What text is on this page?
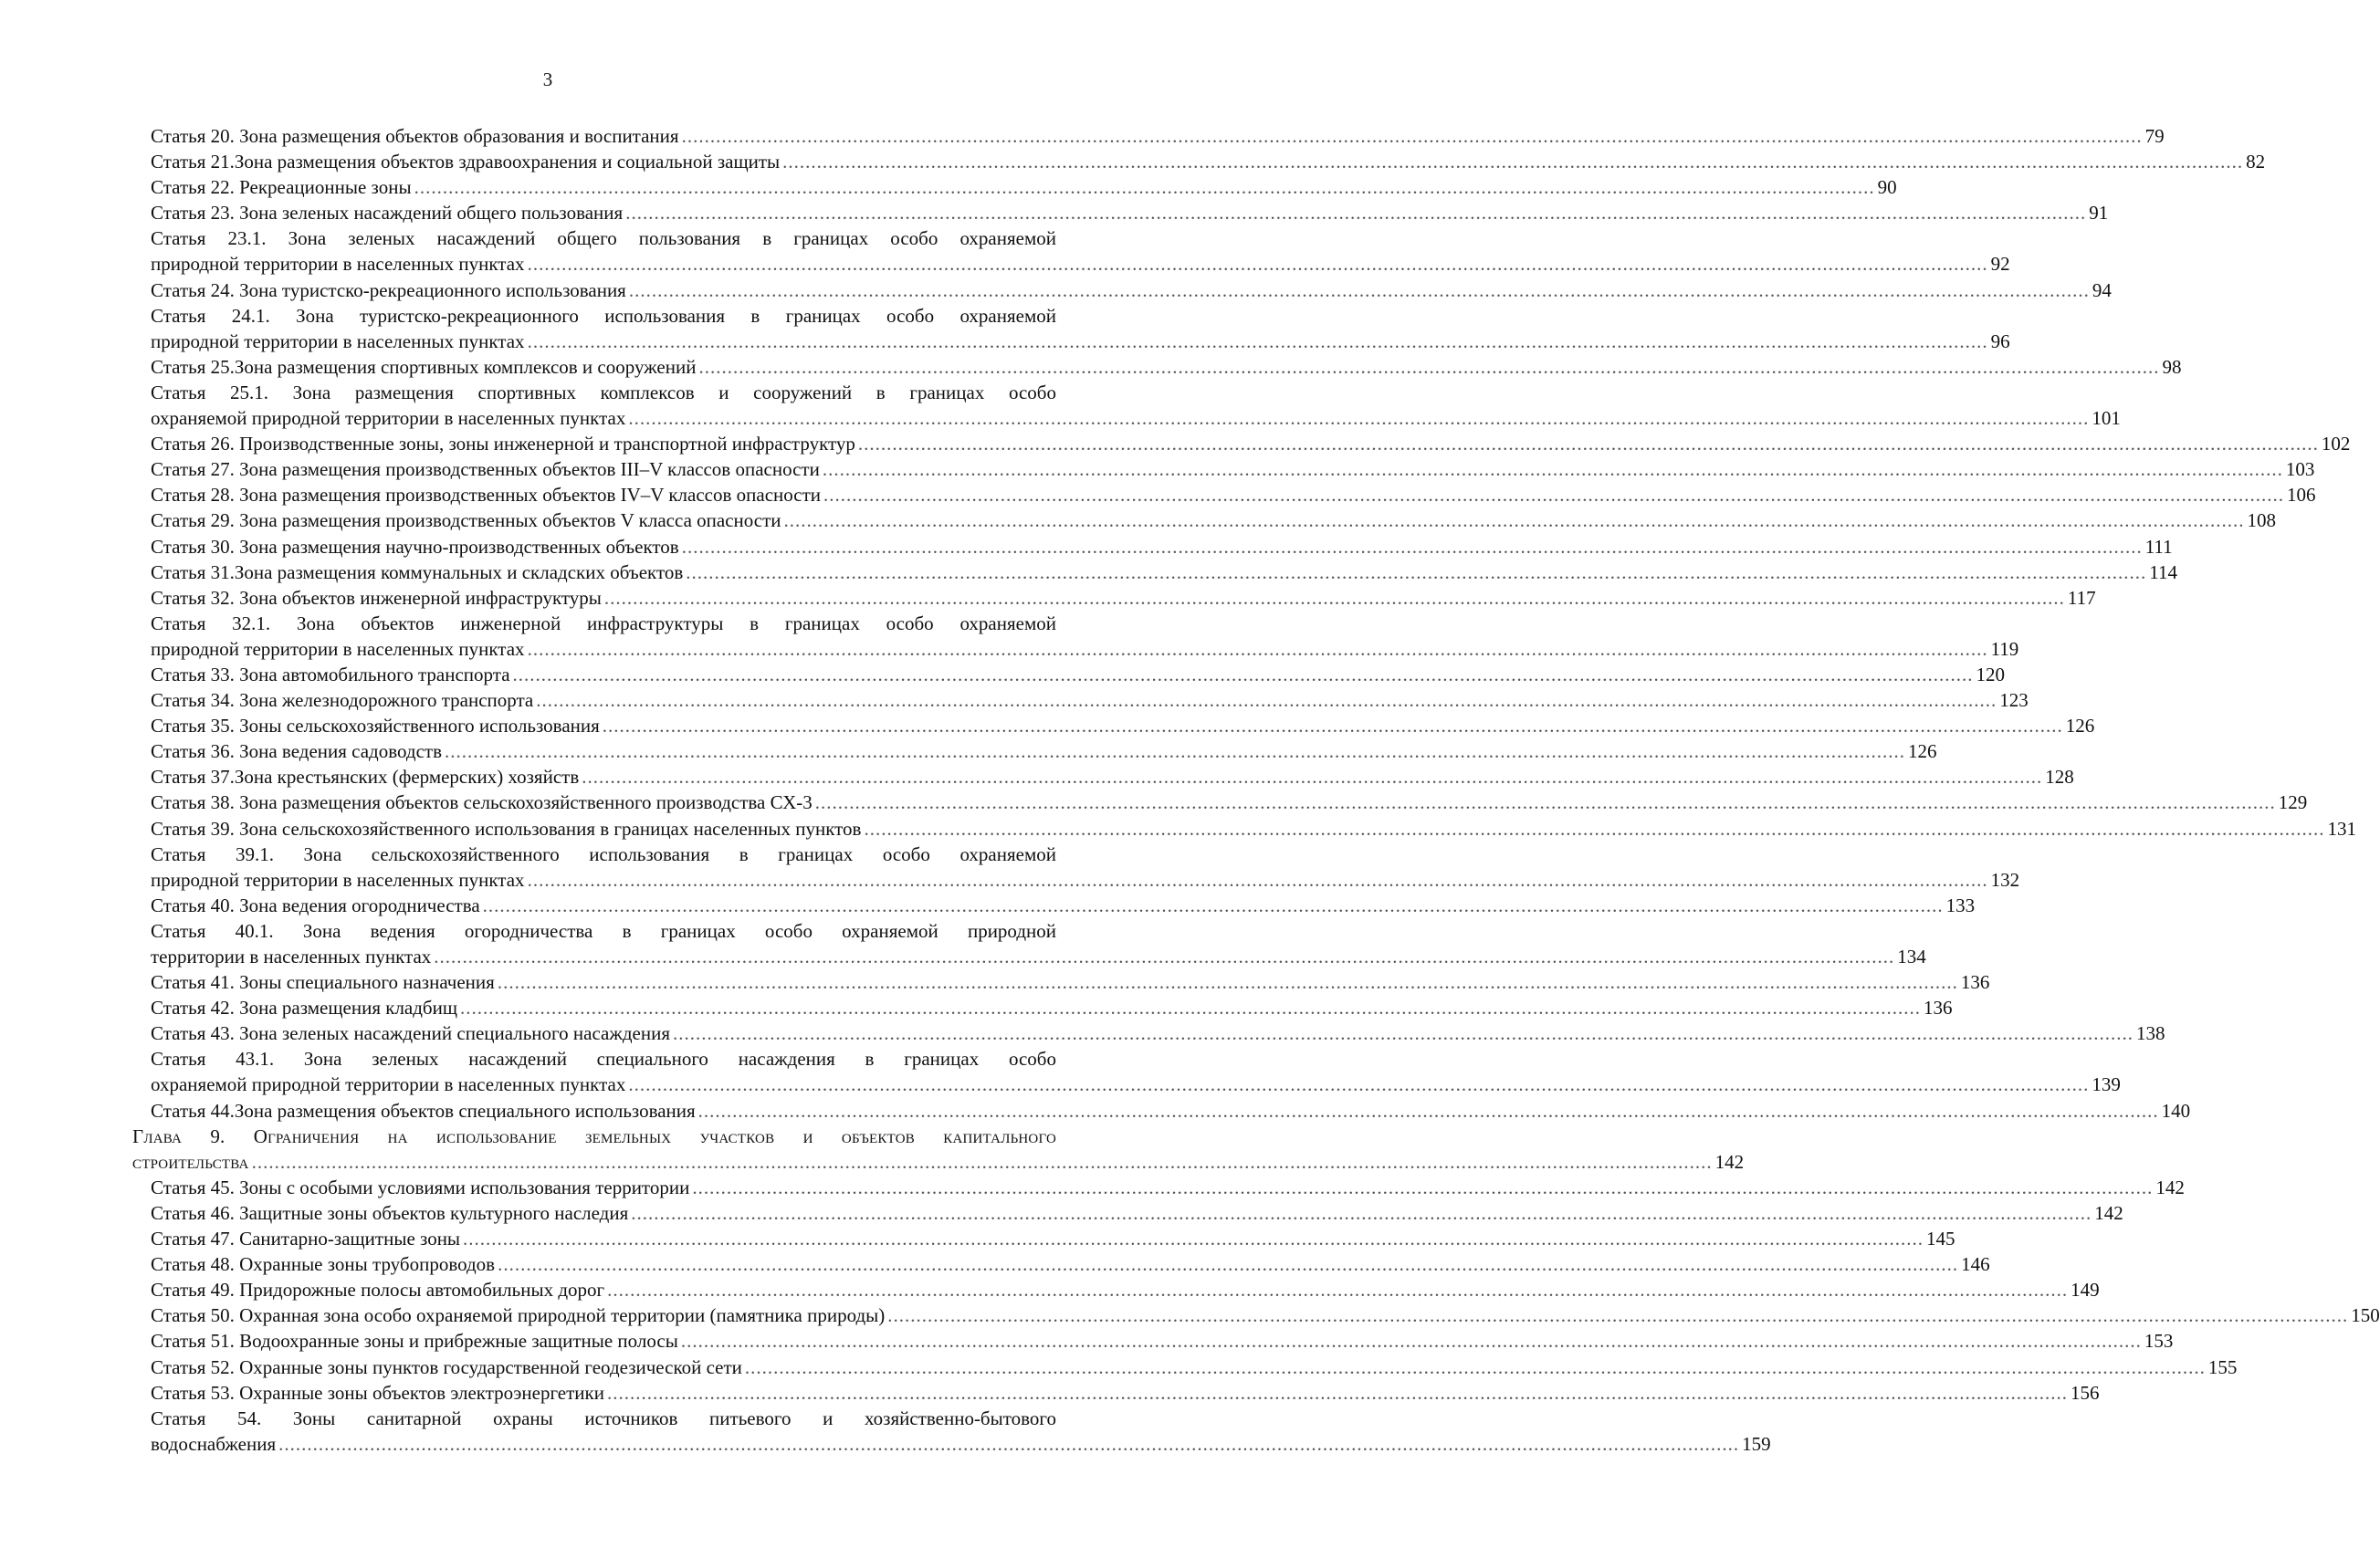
3
Статья 20. Зона размещения объектов образования и воспитания .....	79
Статья 21.Зона размещения объектов здравоохранения и социальной защиты .....	82
Статья 22. Рекреационные зоны .....	90
Статья 23. Зона зеленых насаждений общего пользования .....	91
Статья 23.1. Зона зеленых насаждений общего пользования в границах особо охраняемой
природной территории в населенных пунктах .....	92
Статья 24. Зона туристско-рекреационного использования .....	94
Статья 24.1. Зона туристско-рекреационного использования в границах особо охраняемой
природной территории в населенных пунктах .....	96
Статья 25.Зона размещения спортивных комплексов и сооружений .....	98
Статья 25.1. Зона размещения спортивных комплексов и сооружений в границах особо
охраняемой природной территории в населенных пунктах .....	101
Статья 26. Производственные зоны, зоны инженерной и транспортной инфраструктур .....	102
Статья 27. Зона размещения производственных объектов III–V классов опасности .....	103
Статья 28. Зона размещения производственных объектов IV–V классов опасности .....	106
Статья 29. Зона размещения производственных объектов V класса опасности .....	108
Статья 30. Зона размещения научно-производственных объектов .....	111
Статья 31.Зона размещения коммунальных и складских объектов .....	114
Статья 32. Зона объектов инженерной инфраструктуры .....	117
Статья 32.1. Зона объектов инженерной инфраструктуры в границах особо охраняемой
природной территории в населенных пунктах .....	119
Статья 33. Зона автомобильного транспорта .....	120
Статья 34. Зона железнодорожного транспорта .....	123
Статья 35. Зоны сельскохозяйственного использования .....	126
Статья 36. Зона ведения садоводств .....	126
Статья 37.Зона крестьянских (фермерских) хозяйств .....	128
Статья 38. Зона размещения объектов сельскохозяйственного производства СХ-3 .....	129
Статья 39. Зона сельскохозяйственного использования в границах населенных пунктов .....	131
Статья 39.1. Зона сельскохозяйственного использования в границах особо охраняемой
природной территории в населенных пунктах .....	132
Статья 40. Зона ведения огородничества .....	133
Статья 40.1. Зона ведения огородничества в границах особо охраняемой природной
территории в населенных пунктах .....	134
Статья 41. Зоны специального назначения .....	136
Статья 42. Зона размещения кладбищ .....	136
Статья 43. Зона зеленых насаждений специального насаждения .....	138
Статья 43.1. Зона зеленых насаждений специального насаждения в границах особо
охраняемой природной территории в населенных пунктах .....	139
Статья 44.Зона размещения объектов специального использования .....	140
Глава 9. Ограничения на использование земельных участков и объектов капитального
строительства .....	142
Статья 45. Зоны с особыми условиями использования территории .....	142
Статья 46. Защитные зоны объектов культурного наследия .....	142
Статья 47. Санитарно-защитные зоны .....	145
Статья 48. Охранные зоны трубопроводов .....	146
Статья 49. Придорожные полосы автомобильных дорог .....	149
Статья 50. Охранная зона особо охраняемой природной территории (памятника природы) .....	150
Статья 51. Водоохранные зоны и прибрежные защитные полосы .....	153
Статья 52. Охранные зоны пунктов государственной геодезической сети .....	155
Статья 53. Охранные зоны объектов электроэнергетики .....	156
Статья 54. Зоны санитарной охраны источников питьевого и хозяйственно-бытового
водоснабжения .....	159
